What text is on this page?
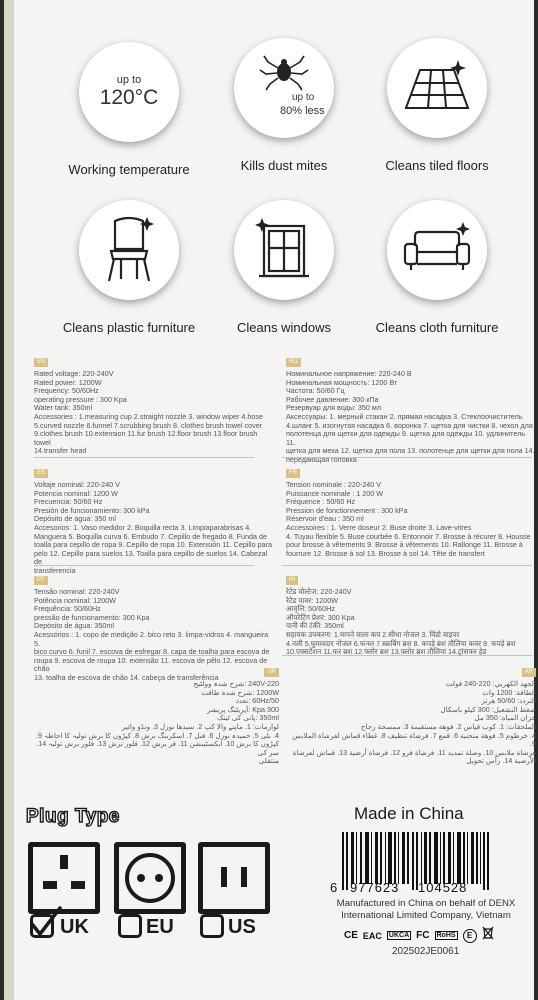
up to
120°C
Working temperature
up to
80% less
Kills dust mites	Cleans tiled floors
Cleans plastic furniture	Cleans windows	Cleans cloth furniture
EN
Rated voltage: 220-240V
Rated power: 1200W
Frequency: 50/60Hz
operating pressure : 300 Kpa
Water tank: 350ml
Accessories : 1.measuring cup 2.straight nozzle 3. window wiper 4.hose
5.curved nozzle 6.funnel 7.scrubbing brush 8. clothes brush towel cover
9.clothes brush 10.extension 11.fur brush 12.floor brush 13.floor brush towel
14.transfer head
RU
Номинальное напряжение: 220-240 В
Номинальная мощность: 1200 Вт
Частота: 50/60 Гц
Рабочее давление: 300 кПа
Резервуар для воды: 350 мл
Аксессуары: 1. мерный стакан 2. прямая насадка 3. Стеклоочиститель
4.шланг 5. изогнутая насадка 6. воронка 7. щетка для чистки 8. чехол для
полотенца для щетки для одежды 9. щетка для одежды 10. удлинитель 11.
щетка для меха 12. щетка для пола 13. полотенце для щетки для пола 14.
передающая головка
ES
Voltaje nominal: 220-240 V
Potencia nominal: 1200 W
Frecuencia: 50/60 Hz
Presión de funcionamiento: 300 kPa
Depósito de agua: 350 ml
Accesorios: 1. Vaso medidor 2. Boquilla recta 3. Limpiaparabrisas 4.
Manguera 5. Boquilla curva 6. Embudo 7. Cepillo de fregado 8. Funda de
toalla para cepillo de ropa 9. Cepillo de ropa 10. Extensión 11. Cepillo para
pelo 12. Cepillo para suelos 13. Toalla para cepillo de suelos 14. Cabezal de
transferencia
FR
Tension nominale : 220-240 V
Puissance nominale : 1 200 W
Fréquence : 50/60 Hz
Pression de fonctionnement : 300 kPa
Réservoir d'eau : 350 ml
Accessoires : 1. Verre doseur 2. Buse droite 3. Lave-vitres
4. Tuyau flexible 5. Buse courbée 6. Entonnoir 7. Brosse à récurer 8. Housse
pour brosse à vêtements 9. Brosse à vêtements 10. Rallonge 11. Brosse à
fourrure 12. Brosse à sol 13. Brosse à sol 14. Tête de transfert
PT
Tensão nominal: 220-240V
Potência nominal: 1200W
Frequência: 50/60Hz
pressão de funcionamento: 300 Kpa
Depósito de água: 350ml
Acessórios : 1. copo de medição 2. bico reto 3. limpa-vidros 4. mangueira 5.
bico curvo 6. funil 7. escova de esfregar 8. capa de toalha para escova de
roupa 9. escova de roupa 10. extensão 11. escova de pêlo 12. escova de chão
13. toalha de escova de chão 14. cabeça de transferência
HI
रेटेड वोल्टेज: 220-240V
रेटेड पावर: 1200W
आवृत्ति: 50/60Hz
ऑपरेटिंग प्रेशर: 300 Kpa
पानी की टंकी: 350ml
सहायक उपकरण: 1.मापने वाला कप 2.सीधा नोजल 3. विंडो वाइपर
4.नली 5.घुमावदार नोजल 6.फनल 7.स्क्रबिंग ब्रश 8. कपड़े ब्रश तौलिया कवर 9. कपड़े ब्रश
10.एक्सटेंशन 11.फर ब्रश 12.फ्लोर ब्रश 13.फ्लोर ब्रश तौलिया 14.ट्रांसफर हेड
UR
240V-220 :شرح شدہ وولٹیج
1200W :شرح شدہ طاقت
60Hz/50 :تعدد
Kpa 300 :آپریٹنگ پریشر
350ml :پانی کی ٹینک
لوازمات: 1. ماپنے والا کپ 2. سیدھا نوزل 3. ونڈو وائپر
4. نلی 5. خمیدہ نوزل 6. فنل 7. اسکربنگ برش 8. کپڑوں کا برش تولیہ کا احاطہ 9.
کپڑوں کا برش 10. ایکسٹینشن 11. فر برش 12. فلور برش 13. فلور برش تولیہ 14. سر کی
منتقلی
AR
الجهد الكهربي: 220-240 فولت
الطاقة: 1200 وات
التردد: 50/60 هرتز
ضغط التشغيل: 300 كيلو باسكال
خزان المياه: 350 مل
الملحقات: 1. كوب قياس 2. فوهة مستقيمة 3. ممسحة زجاج
4. خرطوم 5. فوهة منحنية 6. قمع 7. فرشاة تنظيف 8. غطاء قماش لفرشاة الملابس 9.
فرشاة ملابس 10. وصلة تمديد 11. فرشاة فرو 12. فرشاة أرضية 13. قماش لفرشاة
الأرضية 14. رأس تحويل
Plug Type
UK	EU	US
Made in China
6 977623 104528
Manufactured in China on behalf of DENX International Limited Company, Vietnam
CE EAC UKCA FC RoHS	E
202502JE0061
